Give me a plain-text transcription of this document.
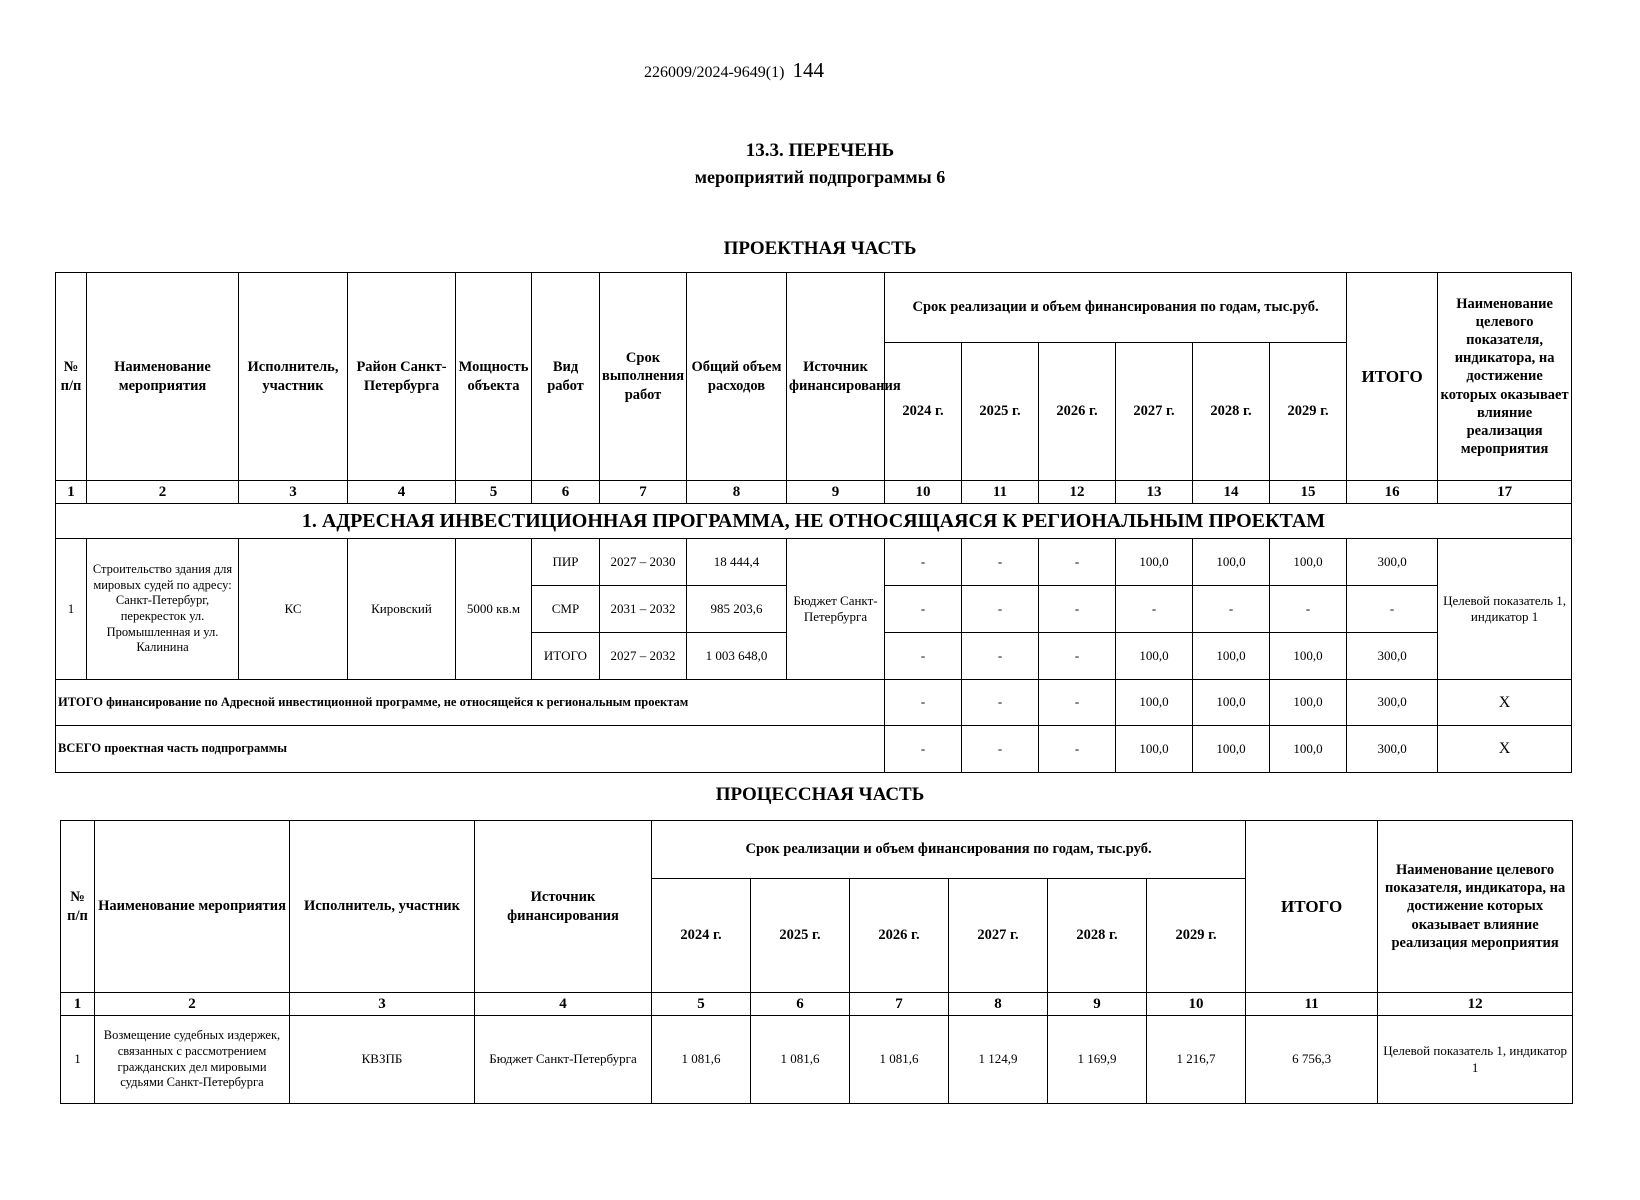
226009/2024-9649(1) 144
13.3. ПЕРЕЧЕНЬ
мероприятий подпрограммы 6
ПРОЕКТНАЯ ЧАСТЬ
№ п/п	Наименование мероприятия	Исполнитель, участник	Район Санкт-Петербурга	Мощность объекта	Вид работ	Срок выполнения работ	Общий объем расходов	Источник финансирования	Срок реализации и объем финансирования по годам, тыс.руб.						ИТОГО	Наименование целевого показателя, индикатора, на достижение которых оказывает влияние реализация мероприятия
									2024 г.	2025 г.	2026 г.	2027 г.	2028 г.	2029 г.		
1	2	3	4	5	6	7	8	9	10	11	12	13	14	15	16	17
1. АДРЕСНАЯ ИНВЕСТИЦИОННАЯ ПРОГРАММА, НЕ ОТНОСЯЩАЯСЯ К РЕГИОНАЛЬНЫМ ПРОЕКТАМ																
1	Строительство здания для мировых судей по адресу: Санкт-Петербург, перекресток ул. Промышленная и ул. Калинина	КС	Кировский	5000 кв.м	ПИР	2027 – 2030	18 444,4	Бюджет Санкт-Петербурга	-	-	-	100,0	100,0	100,0	300,0	Целевой показатель 1, индикатор 1
					СМР	2031 – 2032	985 203,6		-	-	-	-	-	-	-	
					ИТОГО	2027 – 2032	1 003 648,0		-	-	-	100,0	100,0	100,0	300,0	
ИТОГО финансирование по Адресной инвестиционной программе, не относящейся к региональным проектам									-	-	-	100,0	100,0	100,0	300,0	Х
ВСЕГО проектная часть подпрограммы									-	-	-	100,0	100,0	100,0	300,0	Х
ПРОЦЕССНАЯ ЧАСТЬ
№ п/п	Наименование мероприятия	Исполнитель, участник	Источник финансирования	Срок реализации и объем финансирования по годам, тыс.руб.						ИТОГО	Наименование целевого показателя, индикатора, на достижение которых оказывает влияние реализация мероприятия
				2024 г.	2025 г.	2026 г.	2027 г.	2028 г.	2029 г.		
1	2	3	4	5	6	7	8	9	10	11	12
1	Возмещение судебных издержек, связанных с рассмотрением гражданских дел мировыми судьями Санкт-Петербурга	КВЗПБ	Бюджет Санкт-Петербурга	1 081,6	1 081,6	1 081,6	1 124,9	1 169,9	1 216,7	6 756,3	Целевой показатель 1, индикатор 1
